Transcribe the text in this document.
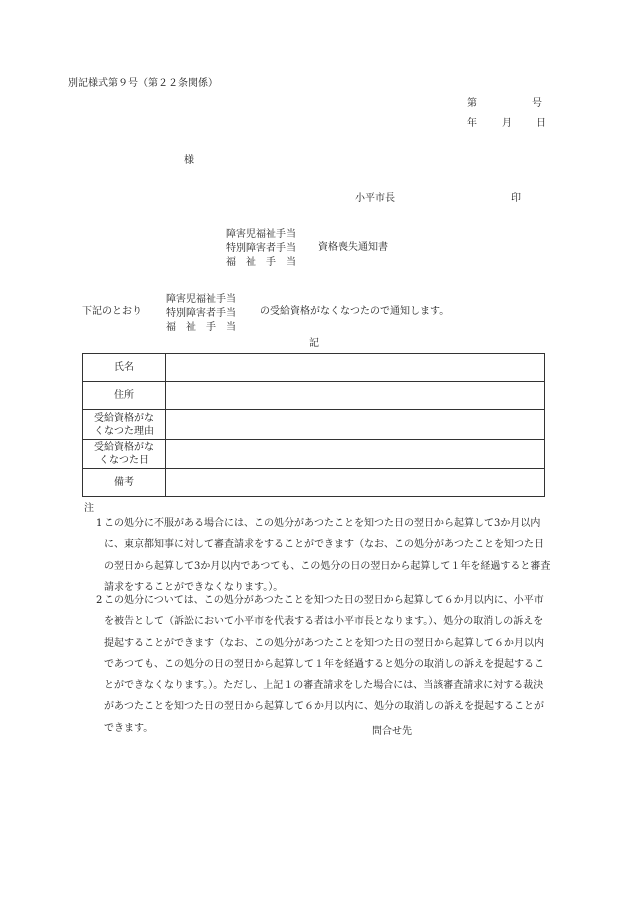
別記様式第９号（第２２条関係）
第	号
年	月 日
様
小平市長	印
障害児福祉手当
特別障害者手当
福　祉　手　当
資格喪失通知書
下記のとおり
障害児福祉手当
特別障害者手当
福　祉　手　当
の受給資格がなくなつたので通知します。
記
氏名	
住所	
受給資格がな
くなつた理由	
受給資格がな
くなつた日	
備考	
注
1 この処分に不服がある場合には、この処分があつたことを知つた日の翌日から起算して3か月以内に、東京都知事に対して審査請求をすることができます（なお、この処分があつたことを知つた日の翌日から起算して3か月以内であつても、この処分の日の翌日から起算して１年を経過すると審査請求をすることができなくなります。）。
2 この処分については、この処分があつたことを知つた日の翌日から起算して６か月以内に、小平市を被告として（訴訟において小平市を代表する者は小平市長となります。）、処分の取消しの訴えを提起することができます（なお、この処分があつたことを知つた日の翌日から起算して６か月以内であつても、この処分の日の翌日から起算して１年を経過すると処分の取消しの訴えを提起することができなくなります。）。ただし、上記１の審査請求をした場合には、当該審査請求に対する裁決があつたことを知つた日の翌日から起算して６か月以内に、処分の取消しの訴えを提起することができます。	問合せ先
